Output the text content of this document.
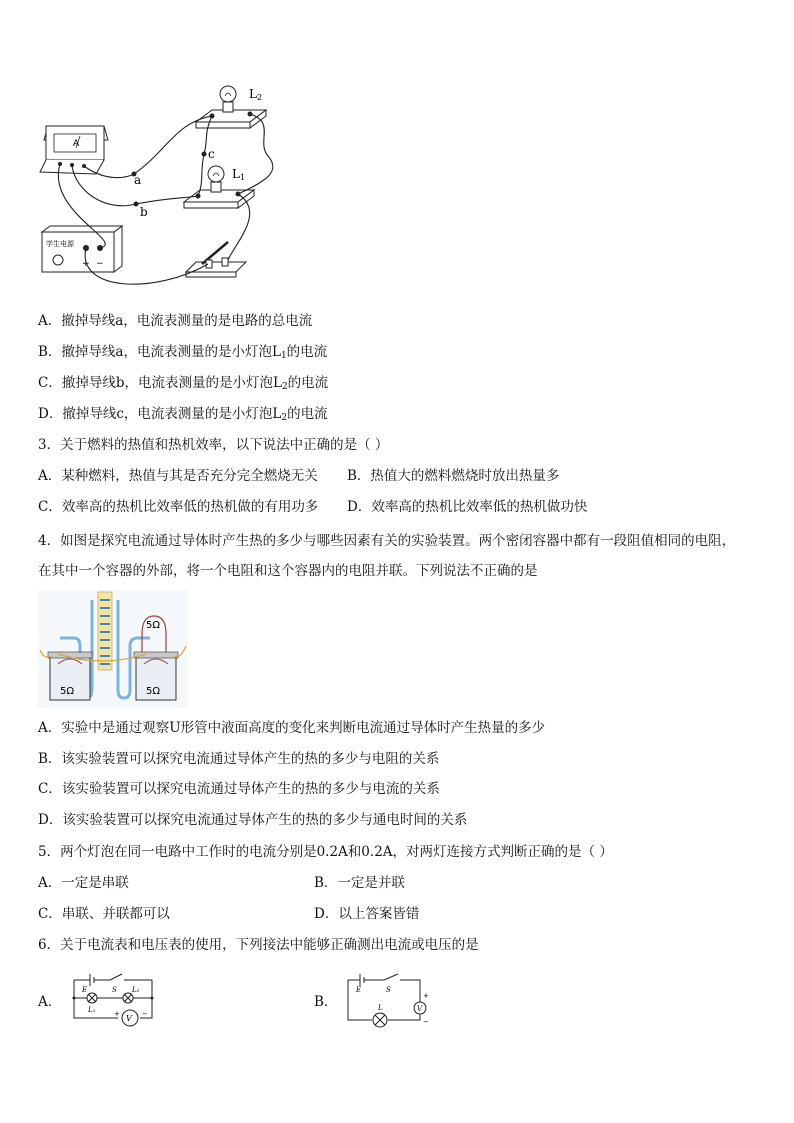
A
L2
L1
学生电源
+ −
a
b
c
A．撤掉导线a，电流表测量的是电路的总电流
B．撤掉导线a，电流表测量的是小灯泡$L_1$的电流
C．撤掉导线b，电流表测量的是小灯泡$L_2$的电流
D．撤掉导线c，电流表测量的是小灯泡$L_2$的电流
3．关于燃料的热值和热机效率，以下说法中正确的是（ ）
A．某种燃料，热值与其是否充分完全燃烧无关 B．热值大的燃料燃烧时放出热量多
C．效率高的热机比效率低的热机做的有用功多 D．效率高的热机比效率低的热机做功快
4．如图是探究电流通过导体时产生热的多少与哪些因素有关的实验装置。两个密闭容器中都有一段阻值相同的电阻，
在其中一个容器的外部，将一个电阻和这个容器内的电阻并联。下列说法不正确的是
5Ω	5Ω
5Ω
A．实验中是通过观察U形管中液面高度的变化来判断电流通过导体时产生热量的多少
B．该实验装置可以探究电流通过导体产生的热的多少与电阻的关系
C．该实验装置可以探究电流通过导体产生的热的多少与电流的关系
D．该实验装置可以探究电流通过导体产生的热的多少与通电时间的关系
5．两个灯泡在同一电路中工作时的电流分别是0.2A和0.2A，对两灯连接方式判断正确的是（ ）
A．一定是串联	B．一定是并联
C．串联、并联都可以	D．以上答案皆错
6．关于电流表和电压表的使用，下列接法中能够正确测出电流或电压的是
A．
E	S L₂
L₁
V
+	−
B．
E	S
L	V
+
−
